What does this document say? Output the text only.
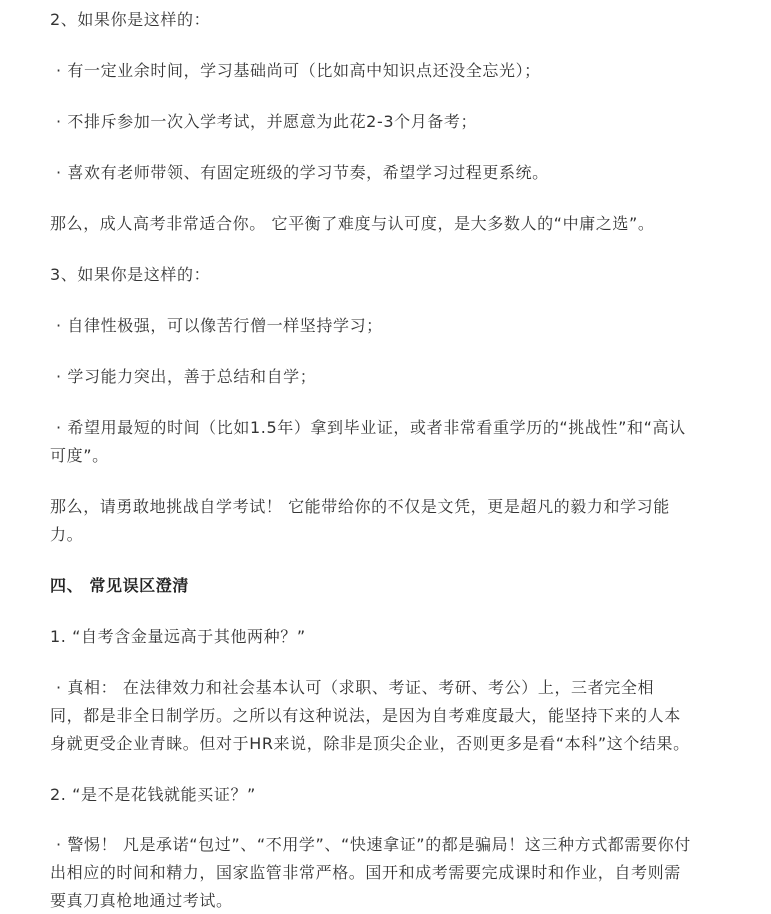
2、如果你是这样的：
· 有一定业余时间，学习基础尚可（比如高中知识点还没全忘光）；
· 不排斥参加一次入学考试，并愿意为此花2-3个月备考；
· 喜欢有老师带领、有固定班级的学习节奏，希望学习过程更系统。
那么，成人高考非常适合你。 它平衡了难度与认可度，是大多数人的“中庸之选”。
3、如果你是这样的：
· 自律性极强，可以像苦行僧一样坚持学习；
· 学习能力突出，善于总结和自学；
· 希望用最短的时间（比如1.5年）拿到毕业证，或者非常看重学历的“挑战性”和“高认
可度”。
那么，请勇敢地挑战自学考试！ 它能带给你的不仅是文凭，更是超凡的毅力和学习能
力。
四、 常见误区澄清
1. “自考含金量远高于其他两种？”
· 真相： 在法律效力和社会基本认可（求职、考证、考研、考公）上，三者完全相
同，都是非全日制学历。之所以有这种说法，是因为自考难度最大，能坚持下来的人本
身就更受企业青睐。但对于HR来说，除非是顶尖企业，否则更多是看“本科”这个结果。
2. “是不是花钱就能买证？”
· 警惕！ 凡是承诺“包过”、“不用学”、“快速拿证”的都是骗局！这三种方式都需要你付
出相应的时间和精力，国家监管非常严格。国开和成考需要完成课时和作业，自考则需
要真刀真枪地通过考试。
